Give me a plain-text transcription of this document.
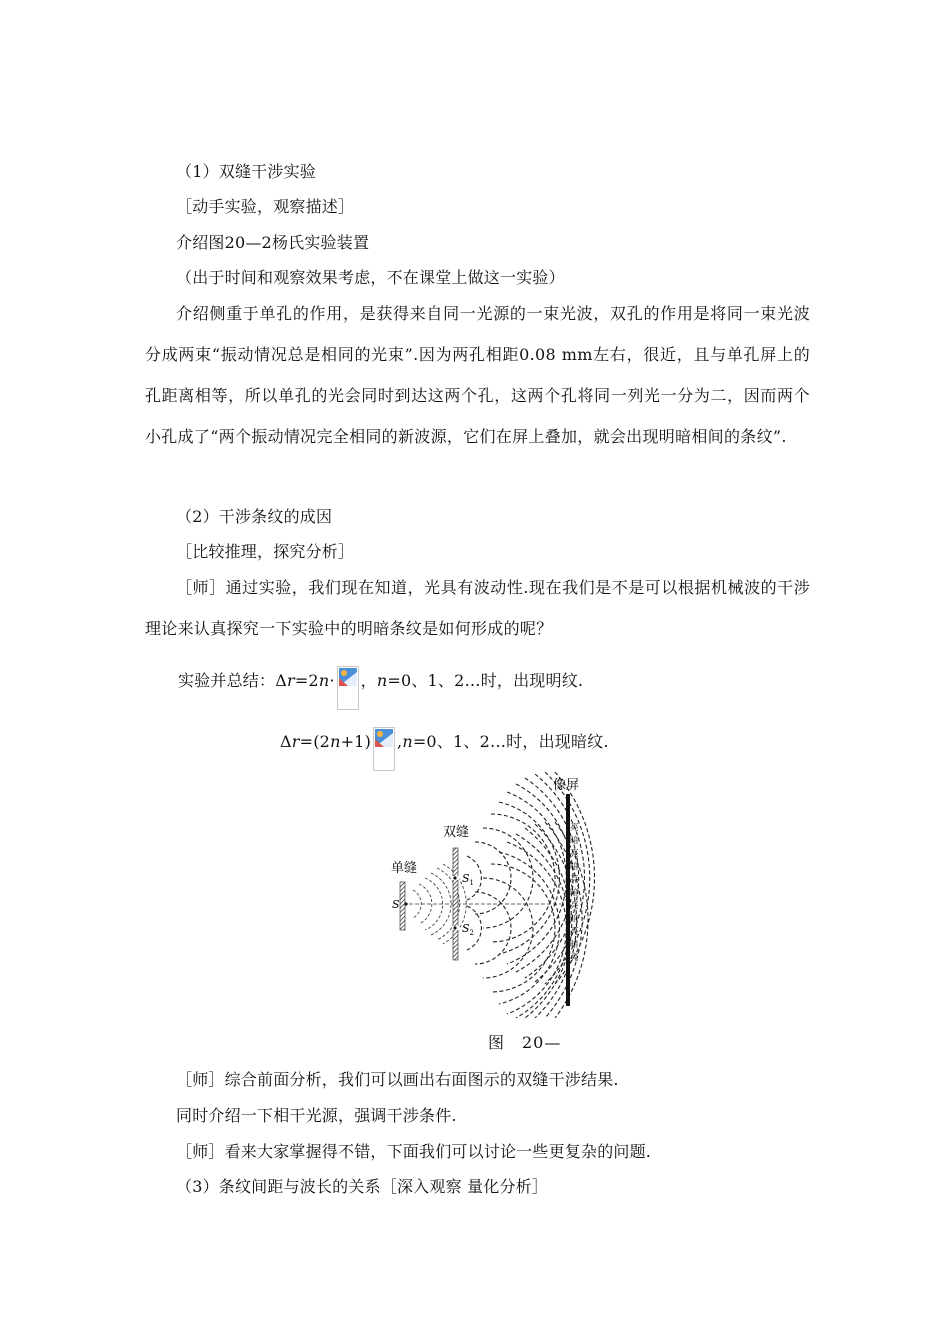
（1）双缝干涉实验
［动手实验，观察描述］
介绍图20—2杨氏实验装置
（出于时间和观察效果考虑，不在课堂上做这一实验）
介绍侧重于单孔的作用，是获得来自同一光源的一束光波，双孔的作用是将同一束光波分成两束“振动情况总是相同的光束”.因为两孔相距0.08 mm左右，很近，且与单孔屏上的孔距离相等，所以单孔的光会同时到达这两个孔，这两个孔将同一列光一分为二，因而两个小孔成了“两个振动情况完全相同的新波源，它们在屏上叠加，就会出现明暗相间的条纹”.
（2）干涉条纹的成因
［比较推理，探究分析］
［师］通过实验，我们现在知道，光具有波动性.现在我们是不是可以根据机械波的干涉理论来认真探究一下实验中的明暗条纹是如何形成的呢？
实验并总结：Δr=2n· ，n=0、1、2…时，出现明纹.
Δr=(2n+1) ,n=0、1、2…时，出现暗纹.
像屏
双缝
单缝
S
$S_1$
$S_2$
亮
暗
亮
暗
亮
暗
亮
暗
亮
暗
亮
图　20—
［师］综合前面分析，我们可以画出右面图示的双缝干涉结果.
同时介绍一下相干光源，强调干涉条件.
［师］看来大家掌握得不错，下面我们可以讨论一些更复杂的问题.
（3）条纹间距与波长的关系［深入观察 量化分析］
